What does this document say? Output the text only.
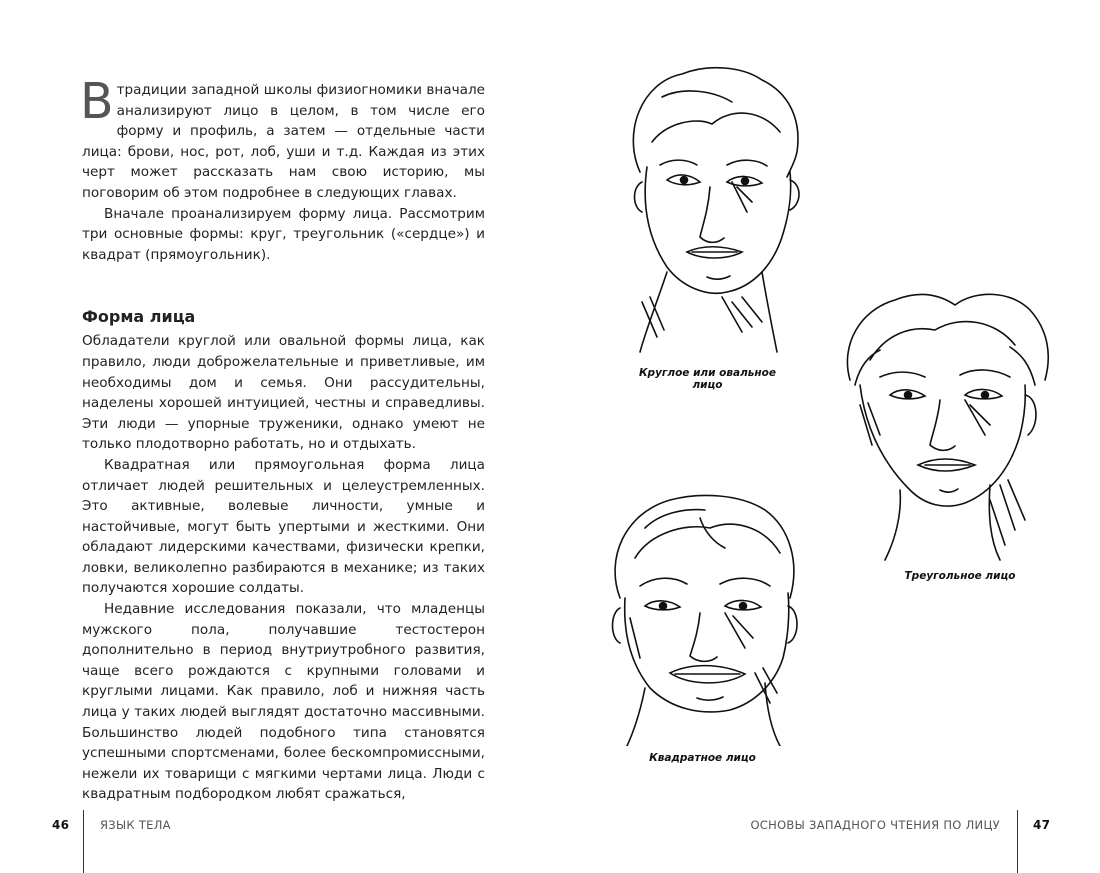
Втрадиции западной школы физиогномики вначале анализируют лицо в целом, в том числе его форму и профиль, а затем — отдельные части лица: брови, нос, рот, лоб, уши и т.д. Каждая из этих черт может рассказать нам свою историю, мы поговорим об этом подробнее в следующих главах.

Вначале проанализируем форму лица. Рассмотрим три основные формы: круг, треугольник («сердце») и квадрат (прямоугольник).

Форма лица

Обладатели круглой или овальной формы лица, как правило, люди доброжелательные и приветливые, им необходимы дом и семья. Они рассудительны, наделены хорошей интуицией, честны и справедливы. Эти люди — упорные труженики, однако умеют не только плодотворно работать, но и отдыхать.

Квадратная или прямоугольная форма лица отличает людей решительных и целеустремленных. Это активные, волевые личности, умные и настойчивые, могут быть упертыми и жесткими. Они обладают лидерскими качествами, физически крепки, ловки, великолепно разбираются в механике; из таких получаются хорошие солдаты.

Недавние исследования показали, что младенцы мужского пола, получавшие тестостерон дополнительно в период внутриутробного развития, чаще всего рождаются с крупными головами и круглыми лицами. Как правило, лоб и нижняя часть лица у таких людей выглядят достаточно массивными. Большинство людей подобного типа становятся успешными спортсменами, более бескомпромиссными, нежели их товарищи с мягкими чертами лица. Люди с квадратным подбородком любят сражаться,

Круглое или овальное
лицо
Треугольное лицо
Квадратное лицо
46	ЯЗЫК ТЕЛА	ОСНОВЫ ЗАПАДНОГО ЧТЕНИЯ ПО ЛИЦУ	47
